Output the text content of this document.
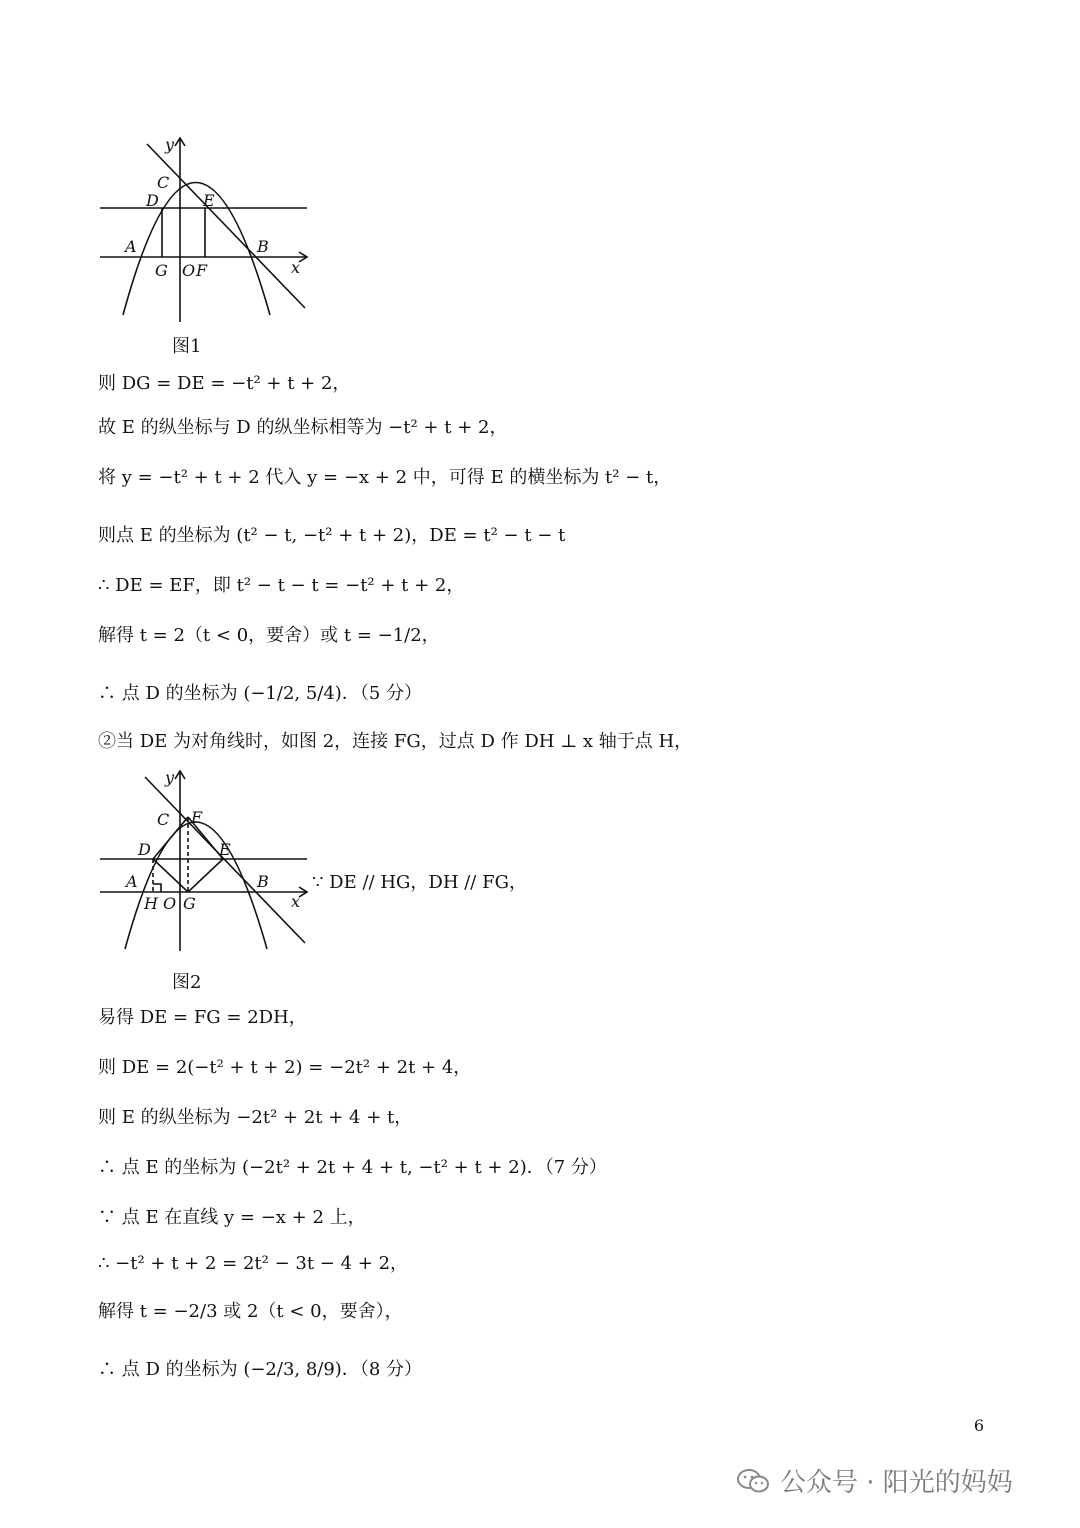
y
x
C
D	E
A	B
G O F
图1
则 DG = DE = −t² + t + 2，
故 E 的纵坐标与 D 的纵坐标相等为 −t² + t + 2，
将 y = −t² + t + 2 代入 y = −x + 2 中，可得 E 的横坐标为 t² − t，
则点 E 的坐标为 (t² − t, −t² + t + 2)，DE = t² − t − t
∴ DE = EF，即 t² − t − t = −t² + t + 2，
解得 t = 2（t < 0，要舍）或 t = −1/2，
∴ 点 D 的坐标为 (−1/2, 5/4)．（5 分）
②当 DE 为对角线时，如图 2，连接 FG，过点 D 作 DH ⊥ x 轴于点 H，
y
x
C F
D	E
A	B
H O G
∵ DE // HG，DH // FG，
图2
易得 DE = FG = 2DH，
则 DE = 2(−t² + t + 2) = −2t² + 2t + 4，
则 E 的纵坐标为 −2t² + 2t + 4 + t，
∴ 点 E 的坐标为 (−2t² + 2t + 4 + t, −t² + t + 2)．（7 分）
∵ 点 E 在直线 y = −x + 2 上，
∴ −t² + t + 2 = 2t² − 3t − 4 + 2，
解得 t = −2/3 或 2（t < 0，要舍），
∴ 点 D 的坐标为 (−2/3, 8/9)．（8 分）
6
公众号 · 阳光的妈妈
